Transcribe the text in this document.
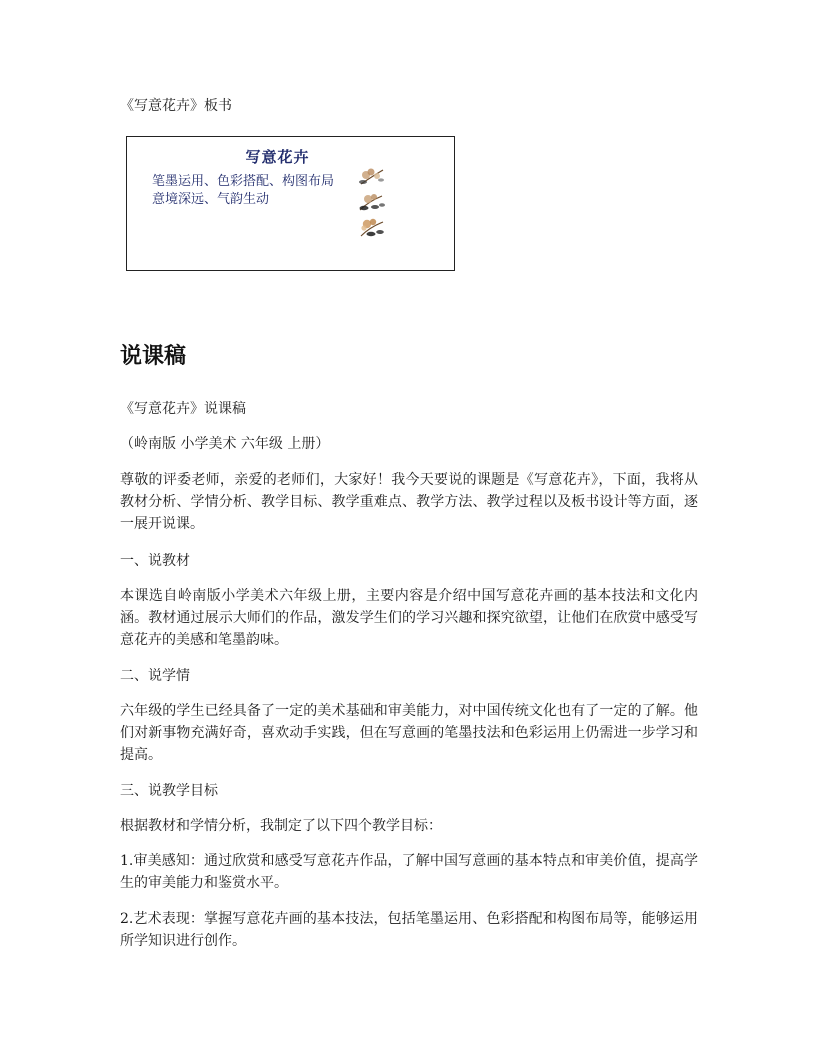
《写意花卉》板书
写意花卉
笔墨运用、色彩搭配、构图布局
意境深远、气韵生动
说课稿
《写意花卉》说课稿
（岭南版 小学美术 六年级 上册）
尊敬的评委老师，亲爱的老师们，大家好！我今天要说的课题是《写意花卉》，下面，我将从教材分析、学情分析、教学目标、教学重难点、教学方法、教学过程以及板书设计等方面，逐一展开说课。
一、说教材
本课选自岭南版小学美术六年级上册，主要内容是介绍中国写意花卉画的基本技法和文化内涵。教材通过展示大师们的作品，激发学生们的学习兴趣和探究欲望，让他们在欣赏中感受写意花卉的美感和笔墨韵味。
二、说学情
六年级的学生已经具备了一定的美术基础和审美能力，对中国传统文化也有了一定的了解。他们对新事物充满好奇，喜欢动手实践，但在写意画的笔墨技法和色彩运用上仍需进一步学习和提高。
三、说教学目标
根据教材和学情分析，我制定了以下四个教学目标：
1.审美感知：通过欣赏和感受写意花卉作品，了解中国写意画的基本特点和审美价值，提高学生的审美能力和鉴赏水平。
2.艺术表现：掌握写意花卉画的基本技法，包括笔墨运用、色彩搭配和构图布局等，能够运用所学知识进行创作。
